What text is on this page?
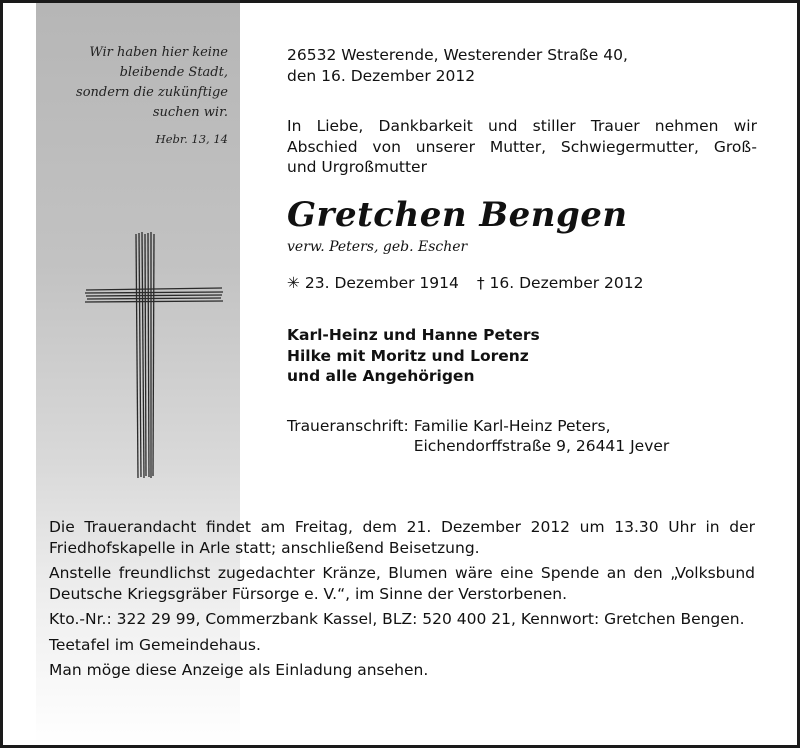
Wir haben hier keine
bleibende Stadt,
sondern die zukünftige
suchen wir.
Hebr. 13, 14

26532 Westerende, Westerender Straße 40,

den 16. Dezember 2012

In Liebe, Dankbarkeit und stiller Trauer nehmen wir

Abschied von unserer Mutter, Schwiegermutter, Groß-

und Urgroßmutter

Gretchen Bengen
verw. Peters, geb. Escher
✳ 23. Dezember 1914 † 16. Dezember 2012

Karl-Heinz und Hanne Peters

Hilke mit Moritz und Lorenz

und alle Angehörigen

Traueranschrift:	Familie Karl-Heinz Peters,
	Eichendorffstraße 9, 26441 Jever

Die Trauerandacht findet am Freitag, dem 21. Dezember 2012 um 13.30 Uhr in der Friedhofskapelle in Arle statt; anschließend Beisetzung.

Anstelle freundlichst zugedachter Kränze, Blumen wäre eine Spende an den „Volksbund Deutsche Kriegsgräber Fürsorge e. V.“, im Sinne der Verstorbenen.

Kto.-Nr.: 322 29 99, Commerzbank Kassel, BLZ: 520 400 21, Kennwort: Gretchen Bengen.

Teetafel im Gemeindehaus.

Man möge diese Anzeige als Einladung ansehen.
